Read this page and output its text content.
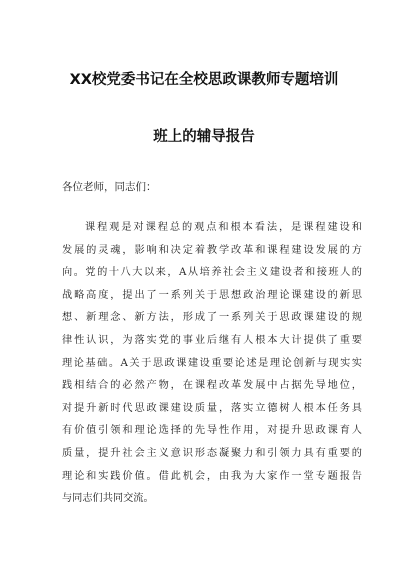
XX校党委书记在全校思政课教师专题培训
班上的辅导报告
各位老师，同志们：
课程观是对课程总的观点和根本看法，是课程建设和
发展的灵魂，影响和决定着教学改革和课程建设发展的方
向。党的十八大以来，A从培养社会主义建设者和接班人的
战略高度，提出了一系列关于思想政治理论课建设的新思
想、新理念、新方法，形成了一系列关于思政课建设的规
律性认识，为落实党的事业后继有人根本大计提供了重要
理论基础。A关于思政课建设重要论述是理论创新与现实实
践相结合的必然产物，在课程改革发展中占据先导地位，
对提升新时代思政课建设质量，落实立德树人根本任务具
有价值引领和理论选择的先导性作用，对提升思政课育人
质量，提升社会主义意识形态凝聚力和引领力具有重要的
理论和实践价值。借此机会，由我为大家作一堂专题报告
与同志们共同交流。
